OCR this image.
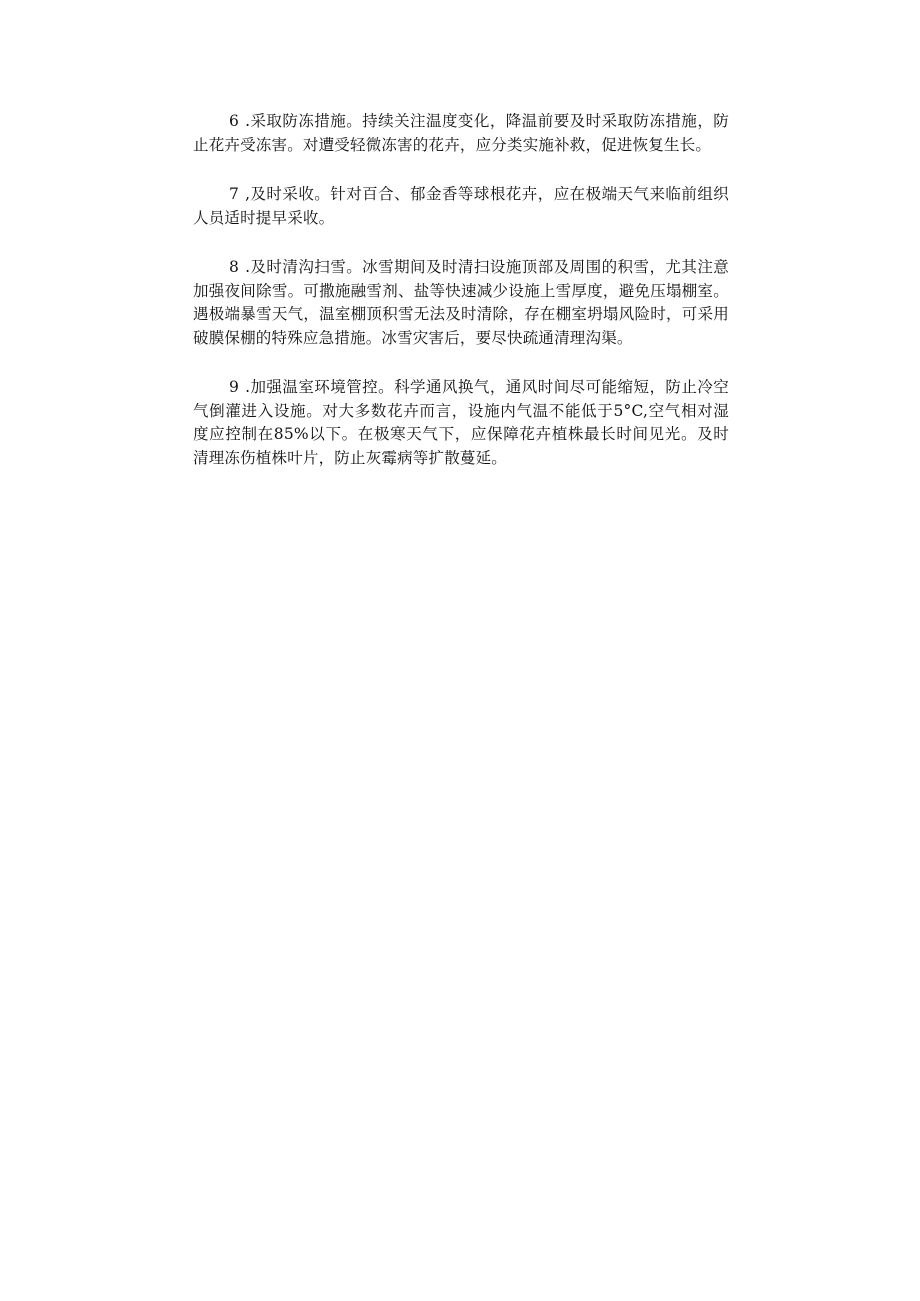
6 .采取防冻措施。持续关注温度变化，降温前要及时采取防冻措施，防止花卉受冻害。对遭受轻微冻害的花卉，应分类实施补救，促进恢复生长。

7 ,及时采收。针对百合、郁金香等球根花卉，应在极端天气来临前组织人员适时提早采收。

8 .及时清沟扫雪。冰雪期间及时清扫设施顶部及周围的积雪，尤其注意加强夜间除雪。可撒施融雪剂、盐等快速减少设施上雪厚度，避免压塌棚室。遇极端暴雪天气，温室棚顶积雪无法及时清除，存在棚室坍塌风险时，可采用破膜保棚的特殊应急措施。冰雪灾害后，要尽快疏通清理沟渠。

9 .加强温室环境管控。科学通风换气，通风时间尽可能缩短，防止冷空气倒灌进入设施。对大多数花卉而言，设施内气温不能低于5°C,空气相对湿度应控制在85%以下。在极寒天气下，应保障花卉植株最长时间见光。及时清理冻伤植株叶片，防止灰霉病等扩散蔓延。
